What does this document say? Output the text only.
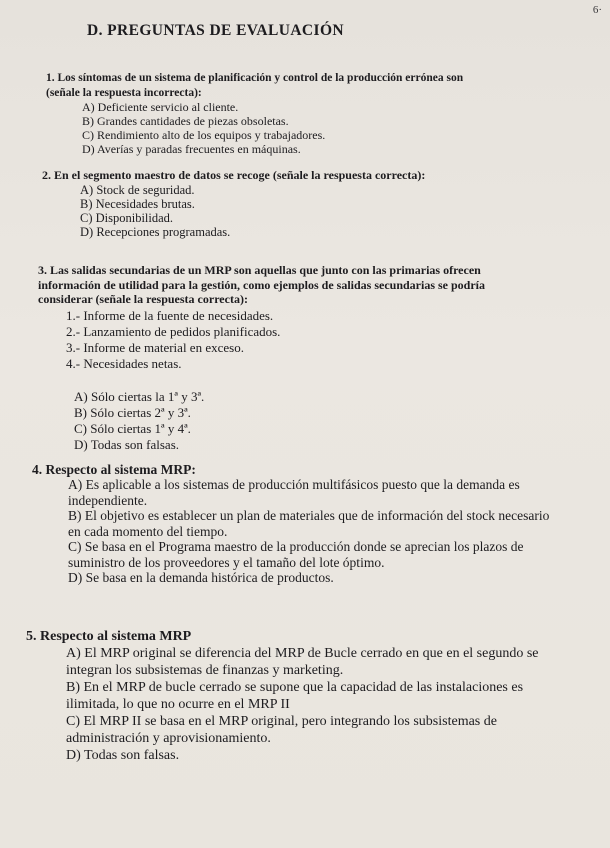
6·
D. PREGUNTAS DE EVALUACIÓN
1. Los síntomas de un sistema de planificación y control de la producción errónea son
(señale la respuesta incorrecta):
A) Deficiente servicio al cliente.
B) Grandes cantidades de piezas obsoletas.
C) Rendimiento alto de los equipos y trabajadores.
D) Averías y paradas frecuentes en máquinas.
2. En el segmento maestro de datos se recoge (señale la respuesta correcta):
A) Stock de seguridad.
B) Necesidades brutas.
C) Disponibilidad.
D) Recepciones programadas.
3. Las salidas secundarias de un MRP son aquellas que junto con las primarias ofrecen
información de utilidad para la gestión, como ejemplos de salidas secundarias se podría
considerar (señale la respuesta correcta):
1.- Informe de la fuente de necesidades.
2.- Lanzamiento de pedidos planificados.
3.- Informe de material en exceso.
4.- Necesidades netas.
A) Sólo ciertas la 1ª y 3ª.
B) Sólo ciertas 2ª y 3ª.
C) Sólo ciertas 1ª y 4ª.
D) Todas son falsas.
4. Respecto al sistema MRP:
A) Es aplicable a los sistemas de producción multifásicos puesto que la demanda es
independiente.
B) El objetivo es establecer un plan de materiales que de información del stock necesario
en cada momento del tiempo.
C) Se basa en el Programa maestro de la producción donde se aprecian los plazos de
suministro de los proveedores y el tamaño del lote óptimo.
D) Se basa en la demanda histórica de productos.
5. Respecto al sistema MRP
A) El MRP original se diferencia del MRP de Bucle cerrado en que en el segundo se
integran los subsistemas de finanzas y marketing.
B) En el MRP de bucle cerrado se supone que la capacidad de las instalaciones es
ilimitada, lo que no ocurre en el MRP II
C) El MRP II se basa en el MRP original, pero integrando los subsistemas de
administración y aprovisionamiento.
D) Todas son falsas.
